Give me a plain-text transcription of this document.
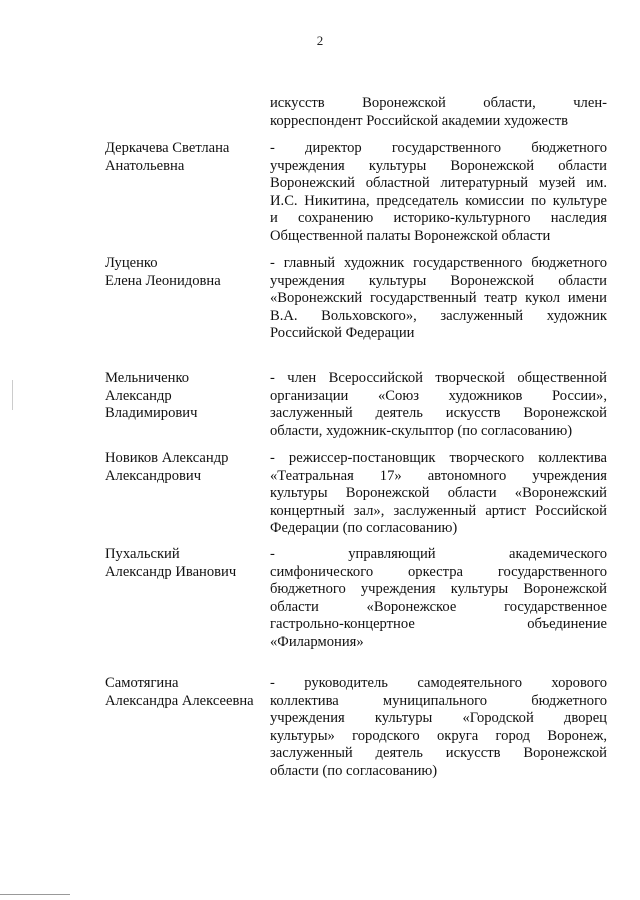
2
искусств Воронежской области, член-
корреспондент Российской академии художеств
Деркачева Светлана
Анатольевна
- директор государственного бюджетного
учреждения культуры Воронежской области
Воронежский областной литературный музей им.
И.С. Никитина, председатель комиссии по культуре
и сохранению историко-культурного наследия
Общественной палаты Воронежской области
Луценко
Елена Леонидовна
- главный художник государственного бюджетного
учреждения культуры Воронежской области
«Воронежский государственный театр кукол имени
В.А. Вольховского», заслуженный художник
Российской Федерации
Мельниченко
Александр
Владимирович
- член Всероссийской творческой общественной
организации «Союз художников России»,
заслуженный деятель искусств Воронежской
области, художник-скульптор (по согласованию)
Новиков Александр
Александрович
- режиссер-постановщик творческого коллектива
«Театральная 17» автономного учреждения
культуры Воронежской области «Воронежский
концертный зал», заслуженный артист Российской
Федерации (по согласованию)
Пухальский
Александр Иванович
- управляющий академического
симфонического оркестра государственного
бюджетного учреждения культуры Воронежской
области «Воронежское государственное
гастрольно-концертное объединение
«Филармония»
Самотягина
Александра Алексеевна
- руководитель самодеятельного хорового
коллектива муниципального бюджетного
учреждения культуры «Городской дворец
культуры» городского округа город Воронеж,
заслуженный деятель искусств Воронежской
области (по согласованию)
